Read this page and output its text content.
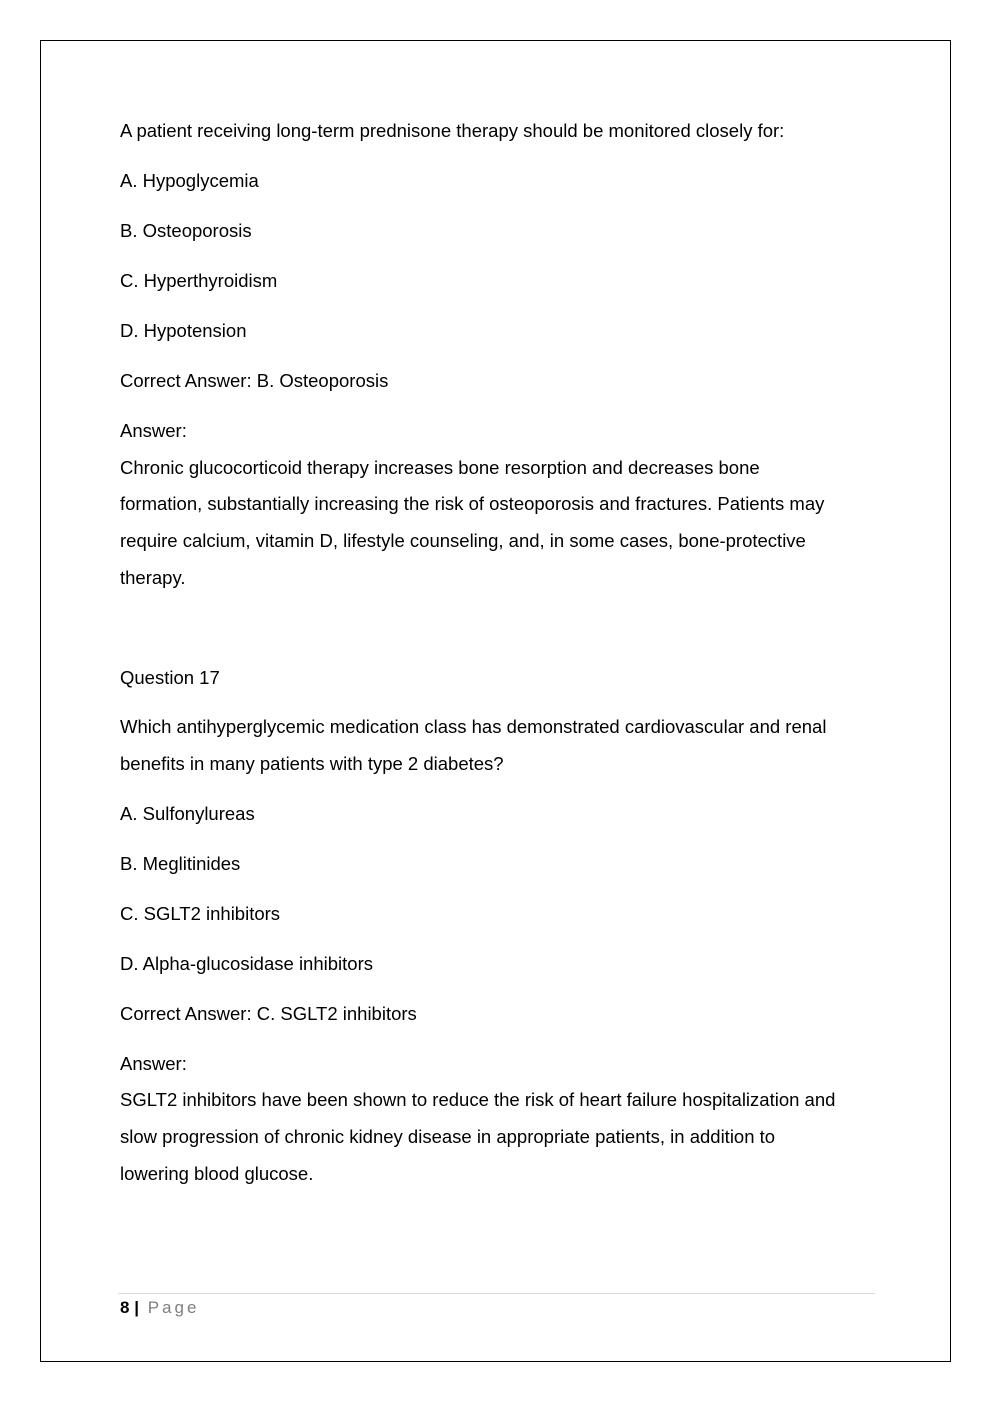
A patient receiving long-term prednisone therapy should be monitored closely for:
A. Hypoglycemia
B. Osteoporosis
C. Hyperthyroidism
D. Hypotension
Correct Answer: B. Osteoporosis
Answer:
Chronic glucocorticoid therapy increases bone resorption and decreases bone
formation, substantially increasing the risk of osteoporosis and fractures. Patients may
require calcium, vitamin D, lifestyle counseling, and, in some cases, bone-protective
therapy.
Question 17
Which antihyperglycemic medication class has demonstrated cardiovascular and renal
benefits in many patients with type 2 diabetes?
A. Sulfonylureas
B. Meglitinides
C. SGLT2 inhibitors
D. Alpha-glucosidase inhibitors
Correct Answer: C. SGLT2 inhibitors
Answer:
SGLT2 inhibitors have been shown to reduce the risk of heart failure hospitalization and
slow progression of chronic kidney disease in appropriate patients, in addition to
lowering blood glucose.
8 | Page
